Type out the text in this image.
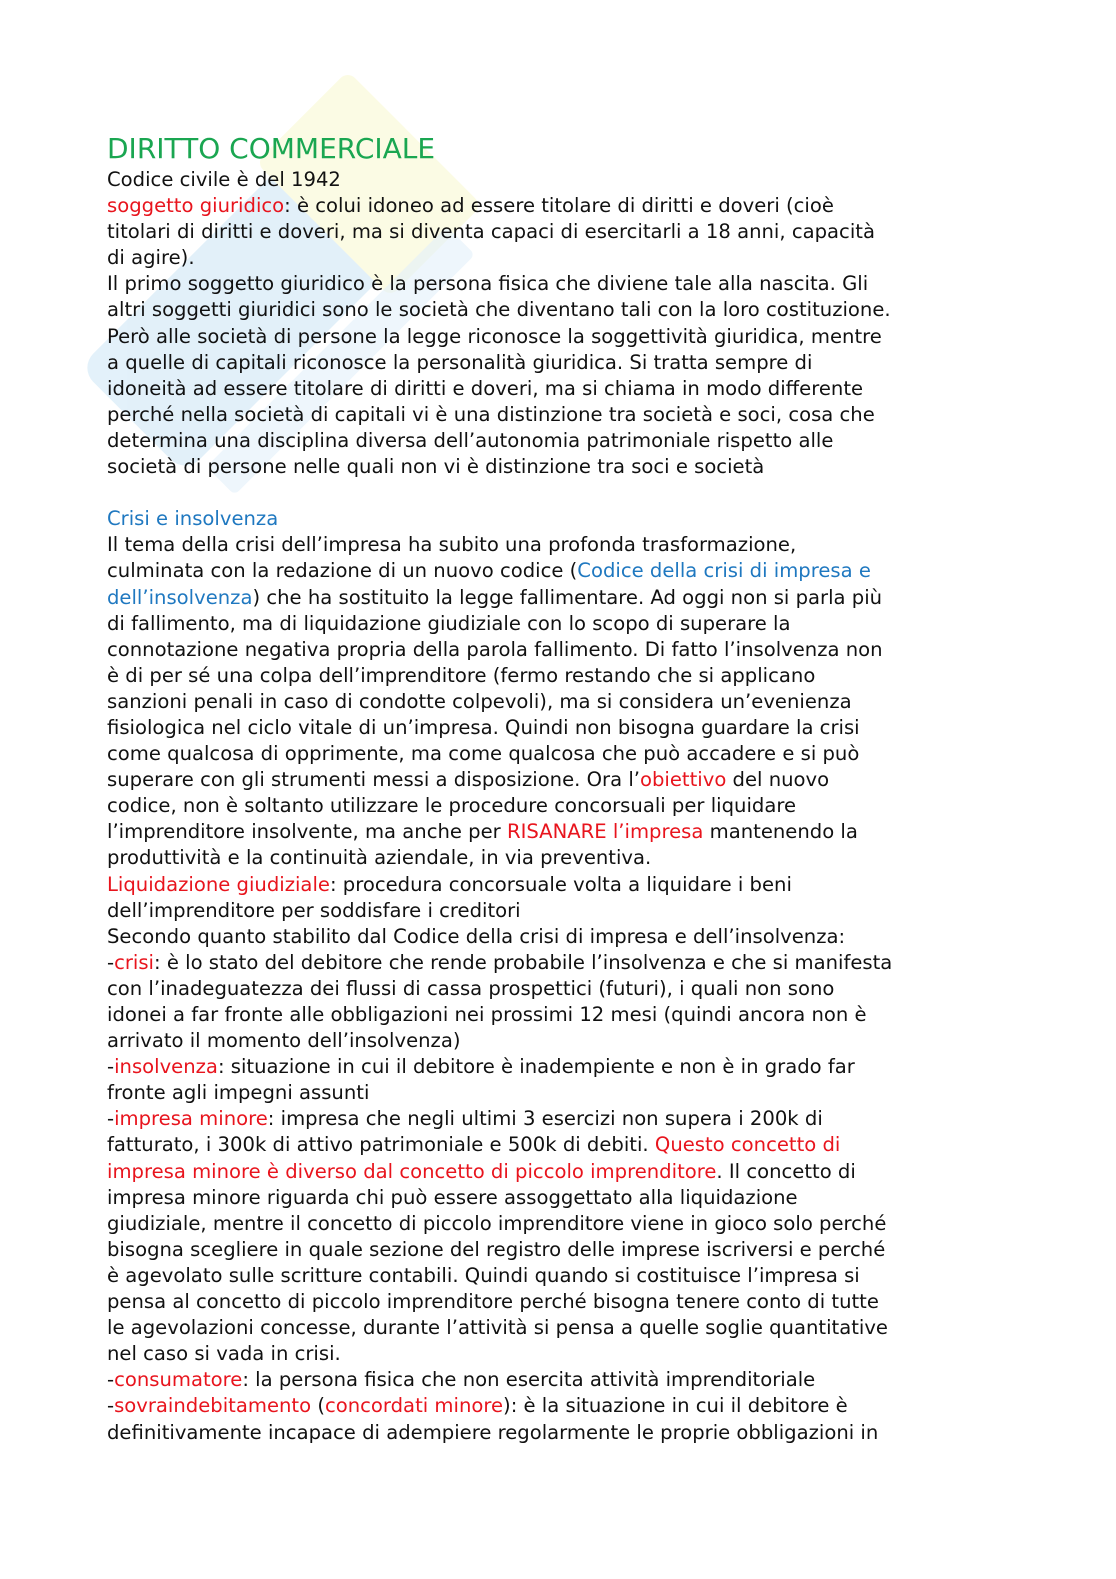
DIRITTO COMMERCIALE
Codice civile è del 1942
soggetto giuridico: è colui idoneo ad essere titolare di diritti e doveri (cioè
titolari di diritti e doveri, ma si diventa capaci di esercitarli a 18 anni, capacità
di agire).
Il primo soggetto giuridico è la persona fisica che diviene tale alla nascita. Gli
altri soggetti giuridici sono le società che diventano tali con la loro costituzione.
Però alle società di persone la legge riconosce la soggettività giuridica, mentre
a quelle di capitali riconosce la personalità giuridica. Si tratta sempre di
idoneità ad essere titolare di diritti e doveri, ma si chiama in modo differente
perché nella società di capitali vi è una distinzione tra società e soci, cosa che
determina una disciplina diversa dell’autonomia patrimoniale rispetto alle
società di persone nelle quali non vi è distinzione tra soci e società
Crisi e insolvenza
Il tema della crisi dell’impresa ha subito una profonda trasformazione,
culminata con la redazione di un nuovo codice (Codice della crisi di impresa e
dell’insolvenza) che ha sostituito la legge fallimentare. Ad oggi non si parla più
di fallimento, ma di liquidazione giudiziale con lo scopo di superare la
connotazione negativa propria della parola fallimento. Di fatto l’insolvenza non
è di per sé una colpa dell’imprenditore (fermo restando che si applicano
sanzioni penali in caso di condotte colpevoli), ma si considera un’evenienza
fisiologica nel ciclo vitale di un’impresa. Quindi non bisogna guardare la crisi
come qualcosa di opprimente, ma come qualcosa che può accadere e si può
superare con gli strumenti messi a disposizione. Ora l’obiettivo del nuovo
codice, non è soltanto utilizzare le procedure concorsuali per liquidare
l’imprenditore insolvente, ma anche per RISANARE l’impresa mantenendo la
produttività e la continuità aziendale, in via preventiva.
Liquidazione giudiziale: procedura concorsuale volta a liquidare i beni
dell’imprenditore per soddisfare i creditori
Secondo quanto stabilito dal Codice della crisi di impresa e dell’insolvenza:
-crisi: è lo stato del debitore che rende probabile l’insolvenza e che si manifesta
con l’inadeguatezza dei flussi di cassa prospettici (futuri), i quali non sono
idonei a far fronte alle obbligazioni nei prossimi 12 mesi (quindi ancora non è
arrivato il momento dell’insolvenza)
-insolvenza: situazione in cui il debitore è inadempiente e non è in grado far
fronte agli impegni assunti
-impresa minore: impresa che negli ultimi 3 esercizi non supera i 200k di
fatturato, i 300k di attivo patrimoniale e 500k di debiti. Questo concetto di
impresa minore è diverso dal concetto di piccolo imprenditore. Il concetto di
impresa minore riguarda chi può essere assoggettato alla liquidazione
giudiziale, mentre il concetto di piccolo imprenditore viene in gioco solo perché
bisogna scegliere in quale sezione del registro delle imprese iscriversi e perché
è agevolato sulle scritture contabili. Quindi quando si costituisce l’impresa si
pensa al concetto di piccolo imprenditore perché bisogna tenere conto di tutte
le agevolazioni concesse, durante l’attività si pensa a quelle soglie quantitative
nel caso si vada in crisi.
-consumatore: la persona fisica che non esercita attività imprenditoriale
-sovraindebitamento (concordati minore): è la situazione in cui il debitore è
definitivamente incapace di adempiere regolarmente le proprie obbligazioni in
